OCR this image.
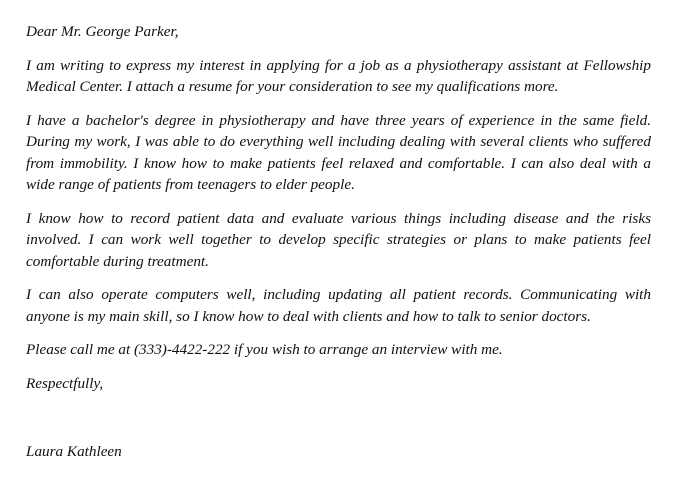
Dear Mr. George Parker,

I am writing to express my interest in applying for a job as a physiotherapy assistant at Fellowship Medical Center. I attach a resume for your consideration to see my qualifications more.

I have a bachelor's degree in physiotherapy and have three years of experience in the same field. During my work, I was able to do everything well including dealing with several clients who suffered from immobility. I know how to make patients feel relaxed and comfortable. I can also deal with a wide range of patients from teenagers to elder people.

I know how to record patient data and evaluate various things including disease and the risks involved. I can work well together to develop specific strategies or plans to make patients feel comfortable during treatment.

I can also operate computers well, including updating all patient records. Communicating with anyone is my main skill, so I know how to deal with clients and how to talk to senior doctors.

Please call me at (333)-4422-222 if you wish to arrange an interview with me.

Respectfully,

Laura Kathleen
